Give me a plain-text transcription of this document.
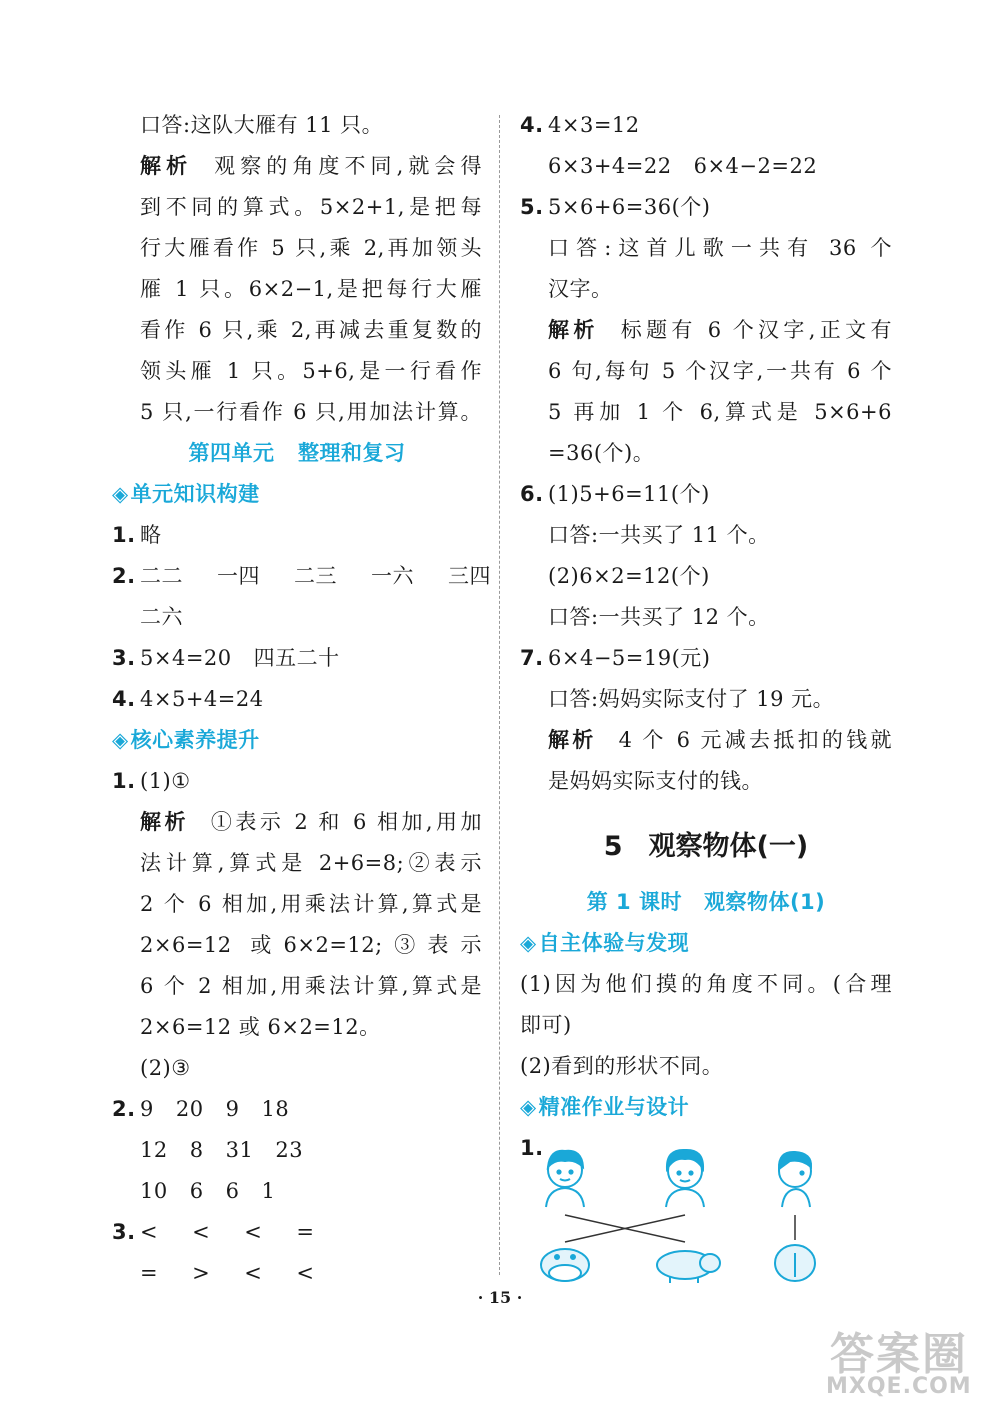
口答:这队大雁有 11 只。
解析 观察的角度不同,就会得
到不同的算式。5×2+1,是把每
行大雁看作 5 只,乘 2,再加领头
雁 1 只。6×2−1,是把每行大雁
看作 6 只,乘 2,再减去重复数的
领头雁 1 只。5+6,是一行看作
5 只,一行看作 6 只,用加法计算。
第四单元 整理和复习
◈单元知识构建
1. 略
2. 二二 一四 二三 一六 三四
二六
3. 5×4=20 四五二十
4. 4×5+4=24
◈核心素养提升
1. (1)①
解析 ①表示 2 和 6 相加,用加
法计算,算式是 2+6=8;②表示
2 个 6 相加,用乘法计算,算式是
2×6=12 或6×2=12;③表示
6 个 2 相加,用乘法计算,算式是
2×6=12 或 6×2=12。
(2)③
2. 9 20 9 18
12 8 31 23
10 6 6 1
3. < < < =
= > < <
4. 4×3=12
6×3+4=22 6×4−2=22
5. 5×6+6=36(个)
口答:这首儿歌一共有 36 个
汉字。
解析 标题有 6 个汉字,正文有
6 句,每句 5 个汉字,一共有 6 个
5 再加 1 个 6,算式是 5×6+6
=36(个)。
6. (1)5+6=11(个)
口答:一共买了 11 个。
(2)6×2=12(个)
口答:一共买了 12 个。
7. 6×4−5=19(元)
口答:妈妈实际支付了 19 元。
解析 4 个 6 元减去抵扣的钱就
是妈妈实际支付的钱。
5 观察物体(一)
第 1 课时 观察物体(1)
◈自主体验与发现
(1)因为他们摸的角度不同。(合理
即可)
(2)看到的形状不同。
◈精准作业与设计
1.
· 15 ·
答案圈
MXQE.COM
